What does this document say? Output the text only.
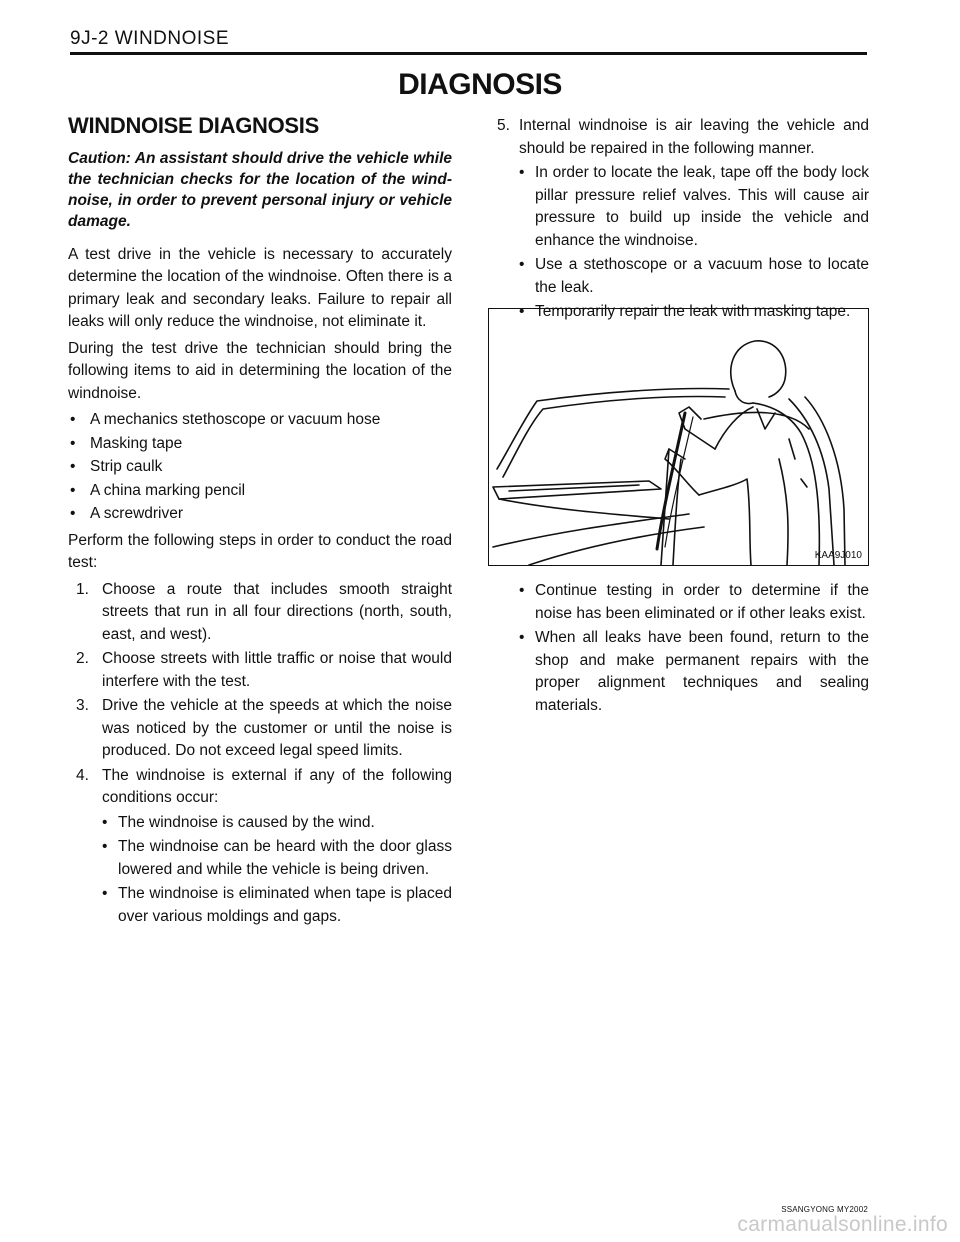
9J-2 WINDNOISE
DIAGNOSIS
WINDNOISE DIAGNOSIS
Caution: An assistant should drive the vehicle while the technician checks for the location of the wind-noise, in order to prevent personal injury or vehicle damage.

A test drive in the vehicle is necessary to accurately determine the location of the windnoise. Often there is a primary leak and secondary leaks. Failure to repair all leaks will only reduce the windnoise, not eliminate it.

During the test drive the technician should bring the following items to aid in determining the location of the windnoise.

• A mechanics stethoscope or vacuum hose
• Masking tape
• Strip caulk
• A china marking pencil
• A screwdriver

Perform the following steps in order to conduct the road test:

1. Choose a route that includes smooth straight streets that run in all four directions (north, south, east, and west).
2. Choose streets with little traffic or noise that would interfere with the test.
3. Drive the vehicle at the speeds at which the noise was noticed by the customer or until the noise is produced. Do not exceed legal speed limits.
4. The windnoise is external if any of the following conditions occur:
• The windnoise is caused by the wind.
• The windnoise can be heard with the door glass lowered and while the vehicle is being driven.
• The windnoise is eliminated when tape is placed over various moldings and gaps.
5. Internal windnoise is air leaving the vehicle and should be repaired in the following manner.
• In order to locate the leak, tape off the body lock pillar pressure relief valves. This will cause air pressure to build up inside the vehicle and enhance the windnoise.
• Use a stethoscope or a vacuum hose to locate the leak.
• Temporarily repair the leak with masking tape.
KAA9J010
• Continue testing in order to determine if the noise has been eliminated or if other leaks exist.
• When all leaks have been found, return to the shop and make permanent repairs with the proper alignment techniques and sealing materials.
SSANGYONG MY2002
carmanualsonline.info
